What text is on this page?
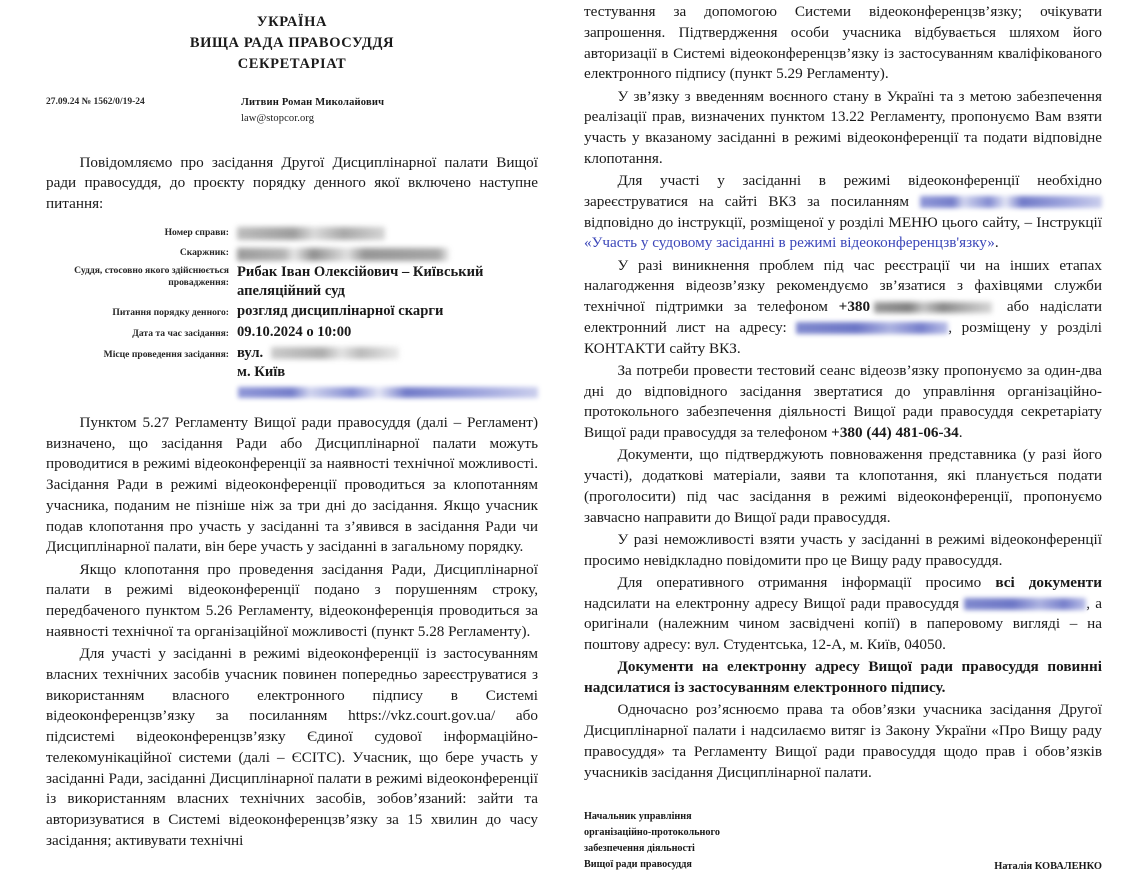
УКРАЇНА
ВИЩА РАДА ПРАВОСУДДЯ
СЕКРЕТАРІАТ
27.09.24 № 1562/0/19-24	Литвин Роман Миколайович
law@stopcor.org

Повідомляємо про засідання Другої Дисциплінарної палати Вищої ради правосуддя, до проєкту порядку денного якої включено наступне питання:

Номер справи:	
Скаржник:	
Суддя, стосовно якого здійснюється провадження:	Рибак Іван Олексійович – Київський апеляційний суд
Питання порядку денного:	розгляд дисциплінарної скарги
Дата та час засідання:	09.10.2024 о 10:00
Місце проведення засідання:	вул.
м. Київ

Пунктом 5.27 Регламенту Вищої ради правосуддя (далі – Регламент) визначено, що засідання Ради або Дисциплінарної палати можуть проводитися в режимі відеоконференції за наявності технічної можливості. Засідання Ради в режимі відеоконференції проводиться за клопотанням учасника, поданим не пізніше ніж за три дні до засідання. Якщо учасник подав клопотання про участь у засіданні та з’явився в засідання Ради чи Дисциплінарної палати, він бере участь у засіданні в загальному порядку.

Якщо клопотання про проведення засідання Ради, Дисциплінарної палати в режимі відеоконференції подано з порушенням строку, передбаченого пунктом 5.26 Регламенту, відеоконференція проводиться за наявності технічної та організаційної можливості (пункт 5.28 Регламенту).

Для участі у засіданні в режимі відеоконференції із застосуванням власних технічних засобів учасник повинен попередньо зареєструватися з використанням власного електронного підпису в Системі відеоконференцзв’язку за посиланням https://vkz.court.gov.ua/ або підсистемі відеоконференцзв’язку Єдиної судової інформаційно-телекомунікаційної системи (далі – ЄСІТС). Учасник, що бере участь у засіданні Ради, засіданні Дисциплінарної палати в режимі відеоконференції із використанням власних технічних засобів, зобов’язаний: зайти та авторизуватися в Системі відеоконференцзв’язку за 15 хвилин до часу засідання; активувати технічні

тестування за допомогою Системи відеоконференцзв’язку; очікувати запрошення. Підтвердження особи учасника відбувається шляхом його авторизації в Системі відеоконференцзв’язку із застосуванням кваліфікованого електронного підпису (пункт 5.29 Регламенту).

У зв’язку з введенням воєнного стану в Україні та з метою забезпечення реалізації прав, визначених пунктом 13.22 Регламенту, пропонуємо Вам взяти участь у вказаному засіданні в режимі відеоконференції та подати відповідне клопотання.

Для участі у засіданні в режимі відеоконференції необхідно зареєструватися на сайті ВКЗ за посиланням  відповідно до інструкції, розміщеної у розділі МЕНЮ цього сайту, – Інструкції «Участь у судовому засіданні в режимі відеоконференцзв'язку».

У разі виникнення проблем під час реєстрації чи на інших етапах налагодження відеозв’язку рекомендуємо зв’язатися з фахівцями служби технічної підтримки за телефоном +380	або надіслати електронний лист на адресу:	, розміщену у розділі КОНТАКТИ сайту ВКЗ.

За потреби провести тестовий сеанс відеозв’язку пропонуємо за один-два дні до відповідного засідання звертатися до управління організаційно-протокольного забезпечення діяльності Вищої ради правосуддя секретаріату Вищої ради правосуддя за телефоном +380 (44) 481-06-34.

Документи, що підтверджують повноваження представника (у разі його участі), додаткові матеріали, заяви та клопотання, які планується подати (проголосити) під час засідання в режимі відеоконференції, пропонуємо завчасно направити до Вищої ради правосуддя.

У разі неможливості взяти участь у засіданні в режимі відеоконференції просимо невідкладно повідомити про це Вищу раду правосуддя.

Для оперативного отримання інформації просимо всі документи надсилати на електронну адресу Вищої ради правосуддя	, а оригінали (належним чином засвідчені копії) в паперовому вигляді – на поштову адресу: вул. Студентська, 12-А, м. Київ, 04050.

Документи на електронну адресу Вищої ради правосуддя повинні надсилатися із застосуванням електронного підпису.

Одночасно роз’яснюємо права та обов’язки учасника засідання Другої Дисциплінарної палати і надсилаємо витяг із Закону України «Про Вищу раду правосуддя» та Регламенту Вищої ради правосуддя щодо прав і обов’язків учасників засідання Дисциплінарної палати.

Начальник управління
організаційно-протокольного
забезпечення діяльності
Вищої ради правосуддя	Наталія КОВАЛЕНКО
